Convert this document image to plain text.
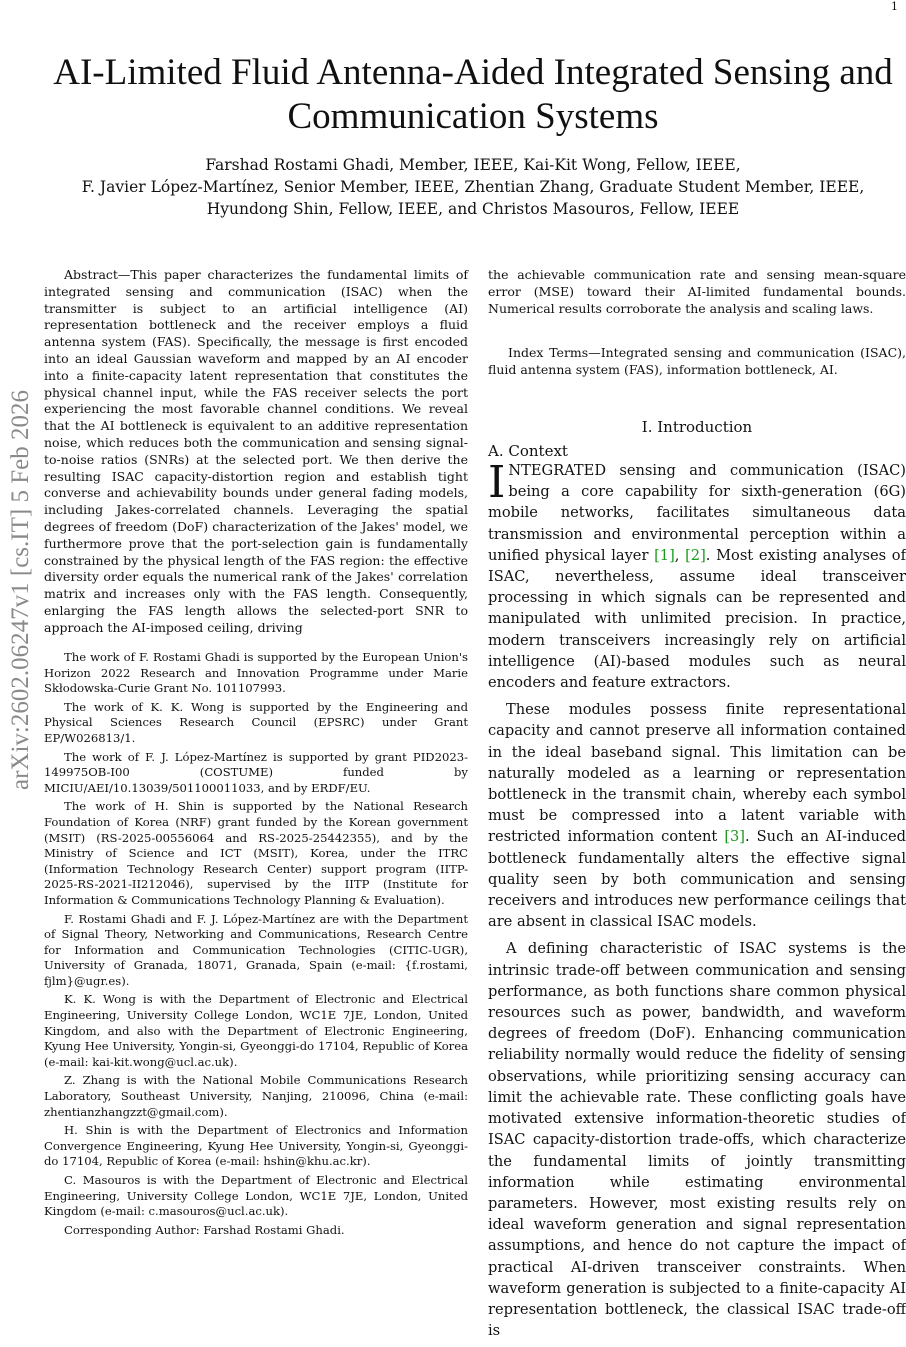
1
arXiv:2602.06247v1 [cs.IT] 5 Feb 2026
AI-Limited Fluid Antenna-Aided Integrated Sensing and Communication Systems
Farshad Rostami Ghadi, Member, IEEE, Kai-Kit Wong, Fellow, IEEE,
F. Javier López-Martínez, Senior Member, IEEE, Zhentian Zhang, Graduate Student Member, IEEE,
Hyundong Shin, Fellow, IEEE, and Christos Masouros, Fellow, IEEE

Abstract—This paper characterizes the fundamental limits of integrated sensing and communication (ISAC) when the transmitter is subject to an artificial intelligence (AI) representation bottleneck and the receiver employs a fluid antenna system (FAS). Specifically, the message is first encoded into an ideal Gaussian waveform and mapped by an AI encoder into a finite-capacity latent representation that constitutes the physical channel input, while the FAS receiver selects the port experiencing the most favorable channel conditions. We reveal that the AI bottleneck is equivalent to an additive representation noise, which reduces both the communication and sensing signal-to-noise ratios (SNRs) at the selected port. We then derive the resulting ISAC capacity-distortion region and establish tight converse and achievability bounds under general fading models, including Jakes-correlated channels. Leveraging the spatial degrees of freedom (DoF) characterization of the Jakes' model, we furthermore prove that the port-selection gain is fundamentally constrained by the physical length of the FAS region: the effective diversity order equals the numerical rank of the Jakes' correlation matrix and increases only with the FAS length. Consequently, enlarging the FAS length allows the selected-port SNR to approach the AI-imposed ceiling, driving

the achievable communication rate and sensing mean-square error (MSE) toward their AI-limited fundamental bounds. Numerical results corroborate the analysis and scaling laws.

Index Terms—Integrated sensing and communication (ISAC), fluid antenna system (FAS), information bottleneck, AI.

The work of F. Rostami Ghadi is supported by the European Union's Horizon 2022 Research and Innovation Programme under Marie Skłodowska-Curie Grant No. 101107993.

The work of K. K. Wong is supported by the Engineering and Physical Sciences Research Council (EPSRC) under Grant EP/W026813/1.

The work of F. J. López-Martínez is supported by grant PID2023-149975OB-I00 (COSTUME) funded by MICIU/AEI/10.13039/501100011033, and by ERDF/EU.

The work of H. Shin is supported by the National Research Foundation of Korea (NRF) grant funded by the Korean government (MSIT) (RS-2025-00556064 and RS-2025-25442355), and by the Ministry of Science and ICT (MSIT), Korea, under the ITRC (Information Technology Research Center) support program (IITP-2025-RS-2021-II212046), supervised by the IITP (Institute for Information & Communications Technology Planning & Evaluation).

F. Rostami Ghadi and F. J. López-Martínez are with the Department of Signal Theory, Networking and Communications, Research Centre for Information and Communication Technologies (CITIC-UGR), University of Granada, 18071, Granada, Spain (e-mail: {f.rostami, fjlm}@ugr.es).

K. K. Wong is with the Department of Electronic and Electrical Engineering, University College London, WC1E 7JE, London, United Kingdom, and also with the Department of Electronic Engineering, Kyung Hee University, Yongin-si, Gyeonggi-do 17104, Republic of Korea (e-mail: kai-kit.wong@ucl.ac.uk).

Z. Zhang is with the National Mobile Communications Research Laboratory, Southeast University, Nanjing, 210096, China (e-mail: zhentianzhangzzt@gmail.com).

H. Shin is with the Department of Electronics and Information Convergence Engineering, Kyung Hee University, Yongin-si, Gyeonggi-do 17104, Republic of Korea (e-mail: hshin@khu.ac.kr).

C. Masouros is with the Department of Electronic and Electrical Engineering, University College London, WC1E 7JE, London, United Kingdom (e-mail: c.masouros@ucl.ac.uk).

Corresponding Author: Farshad Rostami Ghadi.

I. Introduction
A. Context

INTEGRATED sensing and communication (ISAC) being a core capability for sixth-generation (6G) mobile networks, facilitates simultaneous data transmission and environmental perception within a unified physical layer [1], [2]. Most existing analyses of ISAC, nevertheless, assume ideal transceiver processing in which signals can be represented and manipulated with unlimited precision. In practice, modern transceivers increasingly rely on artificial intelligence (AI)-based modules such as neural encoders and feature extractors.

These modules possess finite representational capacity and cannot preserve all information contained in the ideal baseband signal. This limitation can be naturally modeled as a learning or representation bottleneck in the transmit chain, whereby each symbol must be compressed into a latent variable with restricted information content [3]. Such an AI-induced bottleneck fundamentally alters the effective signal quality seen by both communication and sensing receivers and introduces new performance ceilings that are absent in classical ISAC models.

A defining characteristic of ISAC systems is the intrinsic trade-off between communication and sensing performance, as both functions share common physical resources such as power, bandwidth, and waveform degrees of freedom (DoF). Enhancing communication reliability normally would reduce the fidelity of sensing observations, while prioritizing sensing accuracy can limit the achievable rate. These conflicting goals have motivated extensive information-theoretic studies of ISAC capacity-distortion trade-offs, which characterize the fundamental limits of jointly transmitting information while estimating environmental parameters. However, most existing results rely on ideal waveform generation and signal representation assumptions, and hence do not capture the impact of practical AI-driven transceiver constraints. When waveform generation is subjected to a finite-capacity AI representation bottleneck, the classical ISAC trade-off is
